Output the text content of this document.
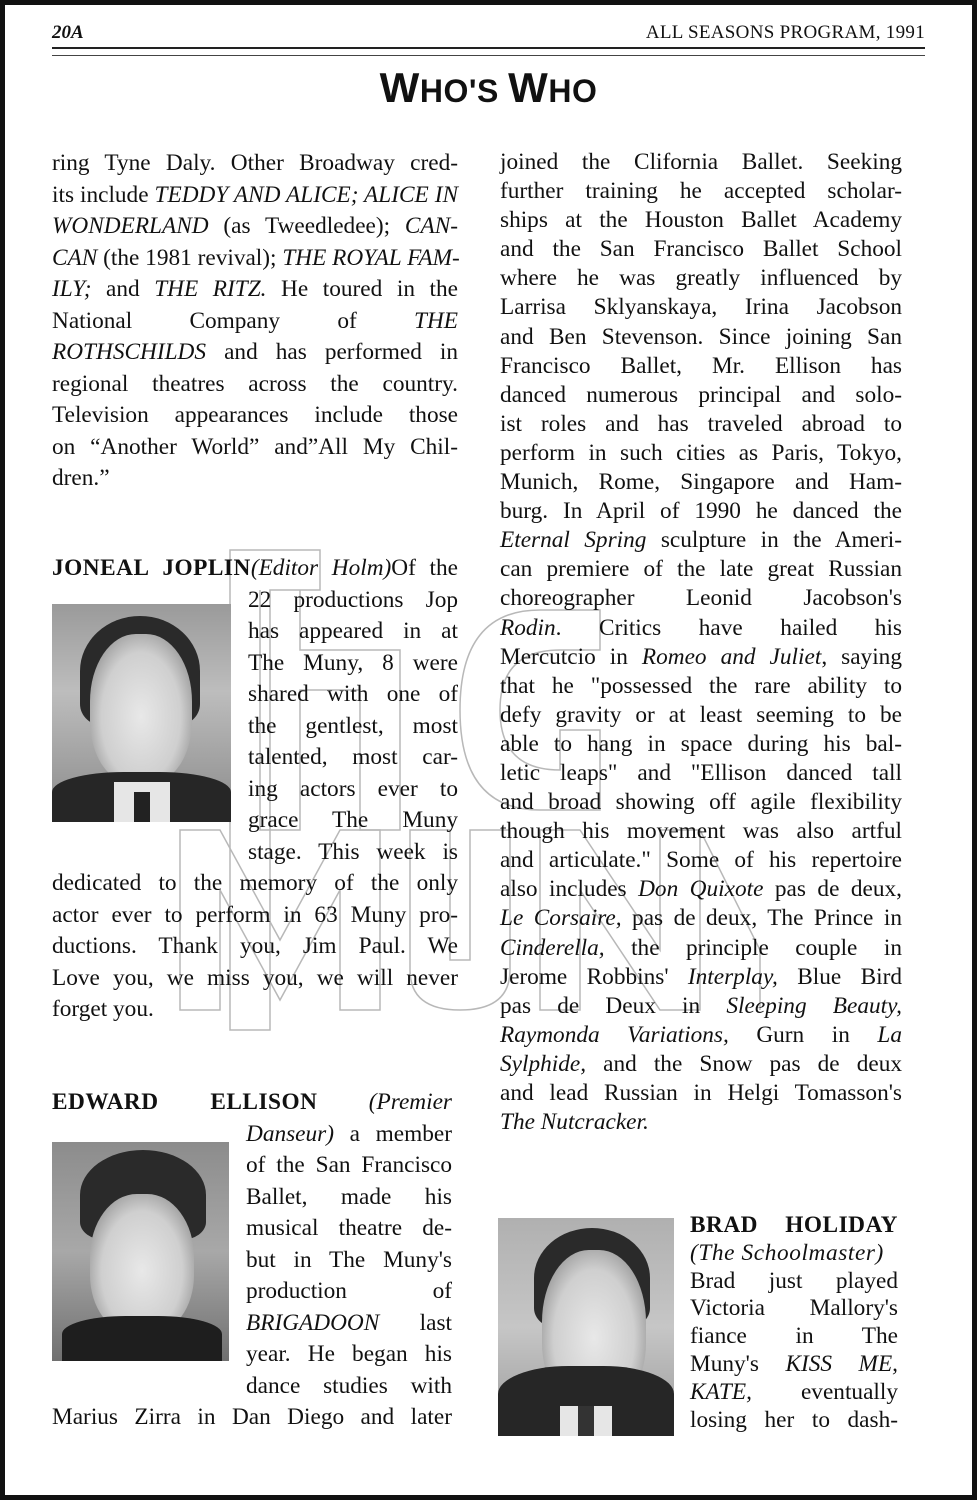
20A	ALL SEASONS PROGRAM, 1991
WHO'S WHO
ring Tyne Daly. Other Broadway cred-
its include TEDDY AND ALICE; ALICE IN
WONDERLAND (as Tweedledee); CAN-
CAN (the 1981 revival); THE ROYAL FAM-
ILY; and THE RITZ. He toured in the
National Company of THE
ROTHSCHILDS and has performed in
regional theatres across the country.
Television appearances include those
on “Another World” and”All My Chil-
dren.”
JONEAL JOPLIN(Editor Holm)Of the
22 productions Jop
has appeared in at
The Muny, 8 were
shared with one of
the gentlest, most
talented, most car-
ing actors ever to
grace The Muny
stage. This week is
dedicated to the memory of the only
actor ever to perform in 63 Muny pro-
ductions. Thank you, Jim Paul. We
Love you, we miss you, we will never
forget you.
EDWARD ELLISON (Premier
Danseur) a member
of the San Francisco
Ballet, made his
musical theatre de-
but in The Muny's
production of
BRIGADOON last
year. He began his
dance studies with
Marius Zirra in Dan Diego and later
joined the Clifornia Ballet. Seeking
further training he accepted scholar-
ships at the Houston Ballet Academy
and the San Francisco Ballet School
where he was greatly influenced by
Larrisa Sklyanskaya, Irina Jacobson
and Ben Stevenson. Since joining San
Francisco Ballet, Mr. Ellison has
danced numerous principal and solo-
ist roles and has traveled abroad to
perform in such cities as Paris, Tokyo,
Munich, Rome, Singapore and Ham-
burg. In April of 1990 he danced the
Eternal Spring sculpture in the Ameri-
can premiere of the late great Russian
choreographer Leonid Jacobson's
Rodin. Critics have hailed his
Mercutcio in Romeo and Juliet, saying
that he "possessed the rare ability to
defy gravity or at least seeming to be
able to hang in space during his bal-
letic leaps" and "Ellison danced tall
and broad showing off agile flexibility
though his movement was also artful
and articulate." Some of his repertoire
also includes Don Quixote pas de deux,
Le Corsaire, pas de deux, The Prince in
Cinderella, the principle couple in
Jerome Robbins' Interplay, Blue Bird
pas de Deux in Sleeping Beauty,
Raymonda Variations, Gurn in La
Sylphide, and the Snow pas de deux
and lead Russian in Helgi Tomasson's
The Nutcracker.
BRAD HOLIDAY
(The Schoolmaster)
Brad just played
Victoria Mallory's
fiance in The
Muny's KISS ME,
KATE, eventually
losing her to dash-
